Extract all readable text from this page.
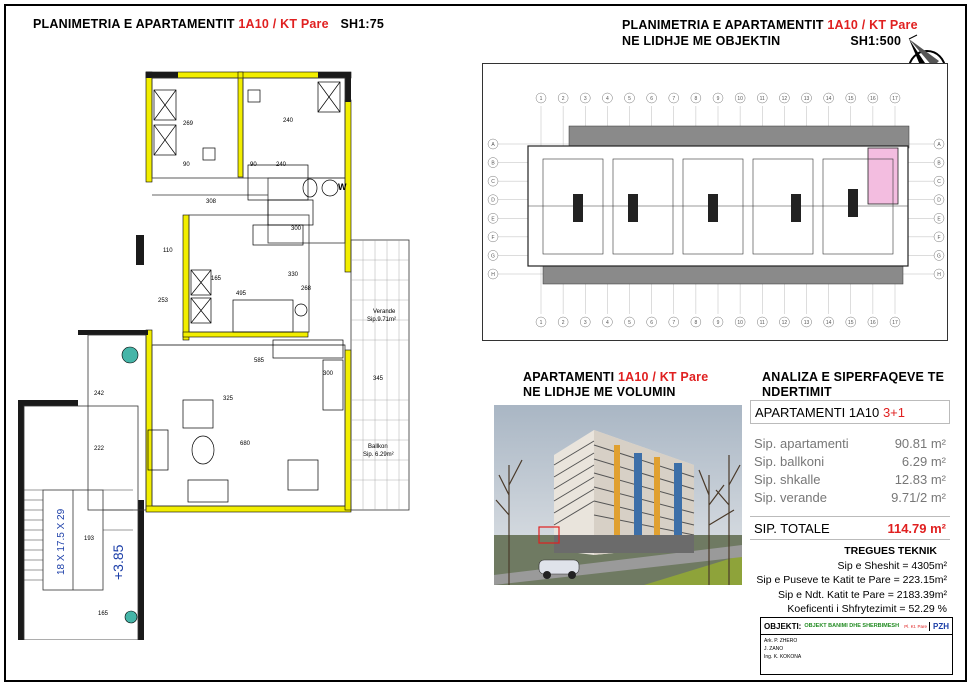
PLANIMETRIA E APARTAMENTIT 1A10 / KT Pare SH1:75	PLANIMETRIA E APARTAMENTIT 1A10 / KT Pare
NE LIDHJE ME OBJEKTIN	SH1:500
269	240
90	90	240
308
300
110
165
330
495
268
585
325
680
253
242
222
300
165
193
345
Verande
Sip.9.71m²
Ballkon
Sip. 6.29m²
W
18 X 17.5 X 29	+3.85
1	2	3	4	5	6	7	8	9	10	11	12	13	14	15	16	17
1	2	3	4	5	6	7	8	9	10	11	12	13	14	15	16	17
A
B
C
D
E
F
G
H
A
B
C
D
E
F
G
H
APARTAMENTI 1A10 / KT Pare
NE LIDHJE ME VOLUMIN
ANALIZA E SIPERFAQEVE TE
NDERTIMIT
APARTAMENTI 1A10 3+1
Sip. apartamenti	90.81 m²
Sip. ballkoni	6.29 m²
Sip. shkalle	12.83 m²
Sip. verande	9.71/2 m²
SIP. TOTALE	114.79 m²
TREGUES TEKNIK
Sip e Sheshit = 4305m²
Sip e Puseve te Katit te Pare = 223.15m²
Sip e Ndt. Katit te Pare = 2183.39m²
Koeficenti i Shfrytezimit = 52.29 %
OBJEKTI: OBJEKT BANIMI DHE SHERBIMESH	Pl. Kt. Pare PZH
Ark. P. ZHERO
J. ZANO
Ing. K. KOKONA
